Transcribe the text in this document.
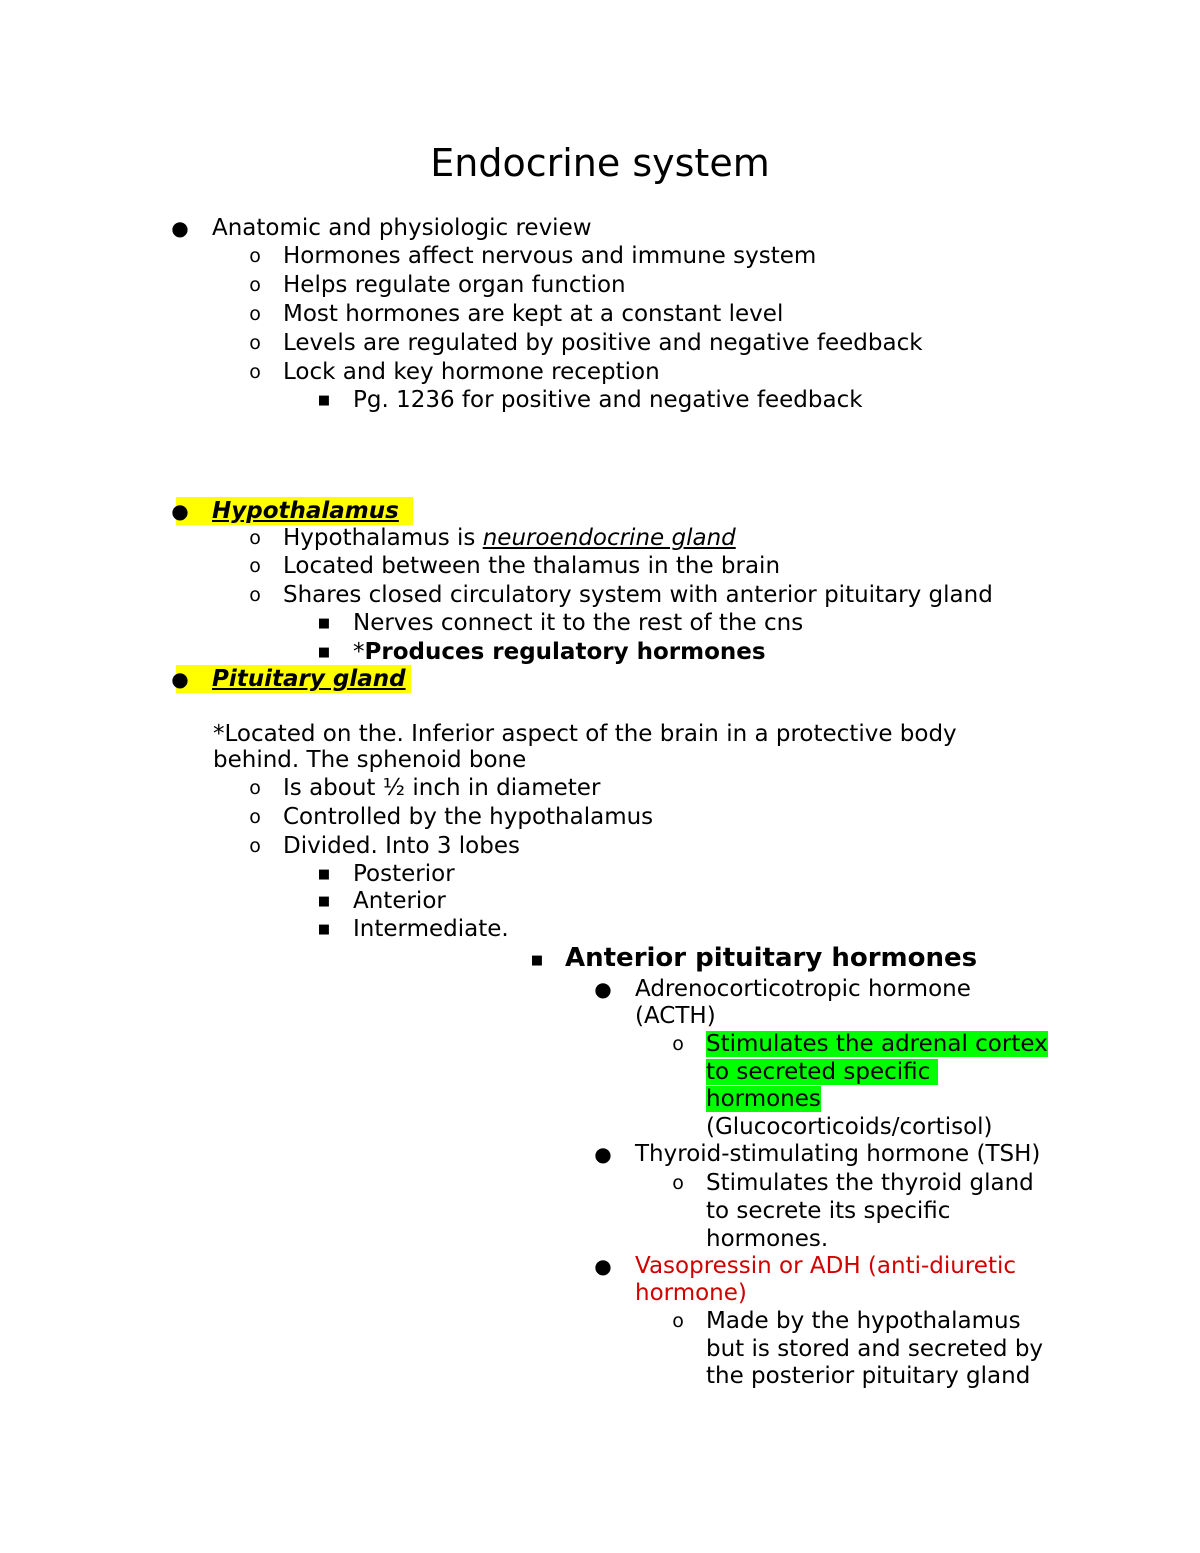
Endocrine system
● Anatomic and physiologic review
o Hormones affect nervous and immune system
o Helps regulate organ function
o Most hormones are kept at a constant level
o Levels are regulated by positive and negative feedback
o Lock and key hormone reception
■ Pg. 1236 for positive and negative feedback
● Hypothalamus
o Hypothalamus is neuroendocrine gland
o Located between the thalamus in the brain
o Shares closed circulatory system with anterior pituitary gland
■ Nerves connect it to the rest of the cns
■ *Produces regulatory hormones
● Pituitary gland
*Located on the. Inferior aspect of the brain in a protective body
behind. The sphenoid bone
o Is about ½ inch in diameter
o Controlled by the hypothalamus
o Divided. Into 3 lobes
■ Posterior
■ Anterior
■ Intermediate.
■ Anterior pituitary hormones
● Adrenocorticotropic hormone
(ACTH)
o Stimulates the adrenal cortex
to secreted specific
hormones
(Glucocorticoids/cortisol)
● Thyroid-stimulating hormone (TSH)
o Stimulates the thyroid gland
to secrete its specific
hormones.
● Vasopressin or ADH (anti-diuretic
hormone)
o Made by the hypothalamus
but is stored and secreted by
the posterior pituitary gland
